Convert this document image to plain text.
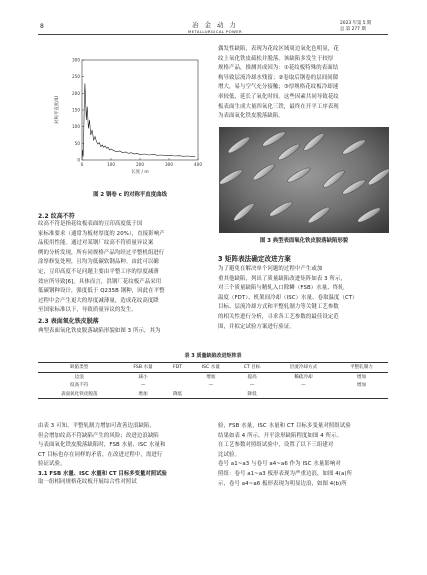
8	冶 金 动 力
METALLURGICAL POWER
2023 年第 5 期
总 第 277 期
300
250
200
150
100
50
0
0	100	200	300	400
长度 / m
对称平直度/IU
图 2 钢卷 c 的对称平直度曲线
2.2 纹高不符
纹高不符是指花纹板表面的豆印高度低于国
家标准要求（通常为板材厚度的 20%），直接影响产
品使用性能。通过对某钢厂纹高不符质量异议案
例的分析发现，所有同规格产品均经过平整机组进行
涂厚修复处理，且均为低碳软钢品种。由此可以确
定，豆印高度不足问题主要由平整工序的厚度减薄
效应所导致[6]。具体而言，洪钢厂花纹板产品采用
低碳钢种设计，强度低于 Q235B 钢种，因此在平整
过程中会产生更大的厚度减薄量，造成花纹高度降
至国家标准以下，导致质量异议的发生。
2.3 表面氧化铁皮脱落
典型表面氧化铁皮脱落缺陷形貌如图 3 所示，其为
偶发性缺陷，表现为花纹区域周边氧化色明显，花
纹上氧化铁皮疏松并脱落。该缺陷多发生于较厚
规格产品，推测其成因为：①花纹板特殊的表面结
构导致层流冷却水残留；②卷取后钢卷的层间间隙
增大，易与空气充分接触；③厚规格花纹板冷却速
率较低，延长了氧化时间。这些因素共同导致花纹
板表面生成大量四氧化三铁，最终在开平工序表现
为表面氧化铁皮脱落缺陷。
图 3 典型表面氧化铁皮脱落缺陷形貌
3 矩阵表法确定改进方案
为了避免在解决单个问题的过程中产生或加
重其他缺陷，列出了质量缺陷改进矩阵如表 3 所示，
对三个质量缺陷与精轧入口除鳞（FSB）水量、终轧
温度（FDT）、机架间冷却（ISC）水量、卷取温度（CT）
目标、层流冷却方式和平整轧制力等关键工艺参数
的相关性进行分析，寻求各工艺参数的最佳设定范
围，并拟定试验方案进行验证。
表 3 质量缺陷改进矩阵表
缺陷类型	FSB 水量	FDT	ISC 水量	CT 目标	层流冷却方式	平整轧制力
边浪	减小		增加	提高	稀疏冷却	增加
纹高不符	—		—	—	—	增加
表面氧化铁皮脱落	增加	降低		降低		
由表 3 可知，平整轧制力增加可改善边浪缺陷，
但会增加纹高不符缺陷产生的风险；改进边浪缺陷
与表面氧化铁皮脱落缺陷时，FSB 水量、ISC 水量和
CT 目标也存在同样的矛盾，在改进过程中，需进行
验证试验。
3.1 FSB 水量、ISC 水量和 CT 目标多变量对照试验
取一组相同规格花纹板开展综合性对照试
验，FSB 水量，ISC 水量和 CT 目标多变量对照组试验
结果如表 4 所示。开平涂形缺陷程度如图 4 所示。
在工艺参数对照组试验中，设置了以下三组建对
比试验。
卷号 a1~a3 与卷号 a4~a6 作为 ISC 水量影响对
照组：卷号 a1~a3 板形表现为严重边浪，如图 4(a)所
示，卷号 a4~a6 板形表现为明显边浪，如图 4(b)所
